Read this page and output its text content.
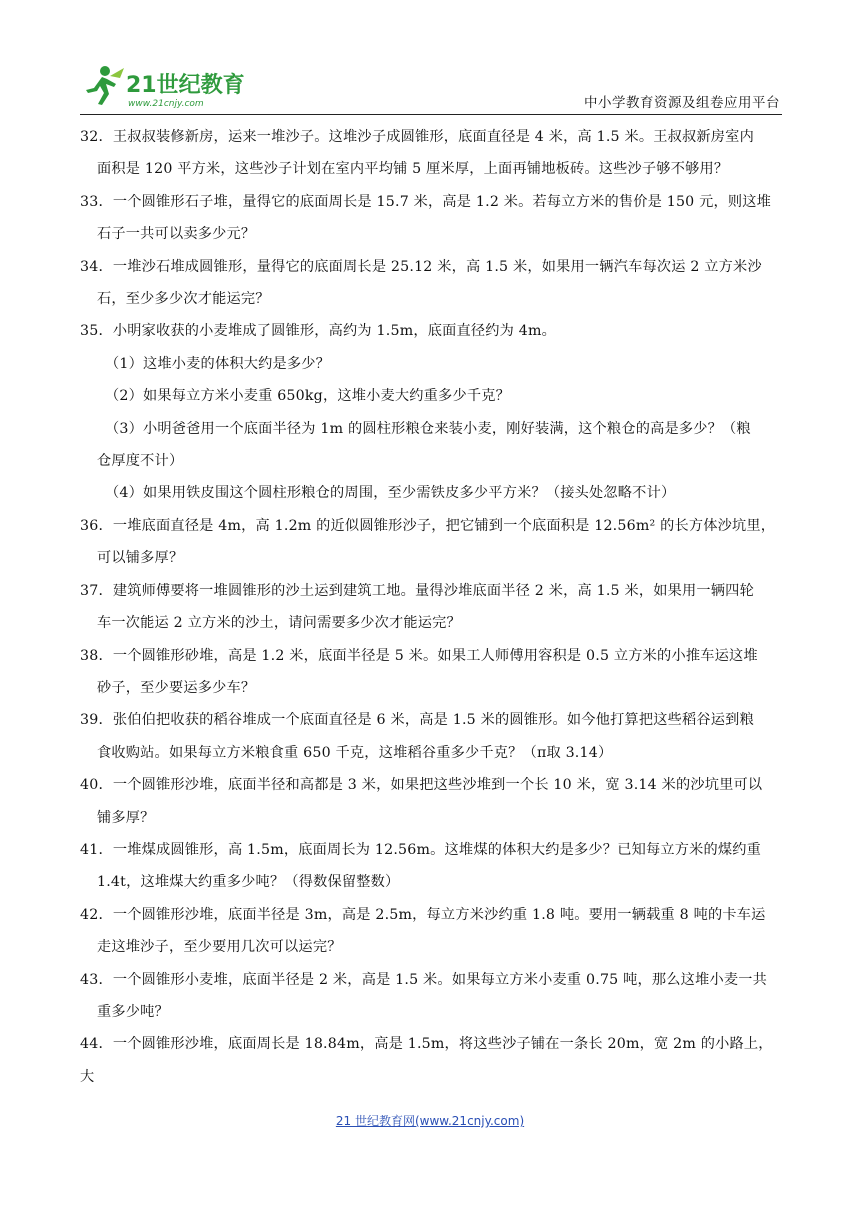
21世纪教育
www.21cnjy.com	中小学教育资源及组卷应用平台
32．王叔叔装修新房，运来一堆沙子。这堆沙子成圆锥形，底面直径是 4 米，高 1.5 米。王叔叔新房室内
面积是 120 平方米，这些沙子计划在室内平均铺 5 厘米厚，上面再铺地板砖。这些沙子够不够用？
33．一个圆锥形石子堆，量得它的底面周长是 15.7 米，高是 1.2 米。若每立方米的售价是 150 元，则这堆
石子一共可以卖多少元？
34．一堆沙石堆成圆锥形，量得它的底面周长是 25.12 米，高 1.5 米，如果用一辆汽车每次运 2 立方米沙
石，至少多少次才能运完？
35．小明家收获的小麦堆成了圆锥形，高约为 1.5m，底面直径约为 4m。
（1）这堆小麦的体积大约是多少？
（2）如果每立方米小麦重 650kg，这堆小麦大约重多少千克？
（3）小明爸爸用一个底面半径为 1m 的圆柱形粮仓来装小麦，刚好装满，这个粮仓的高是多少？（粮
仓厚度不计）
（4）如果用铁皮围这个圆柱形粮仓的周围，至少需铁皮多少平方米？（接头处忽略不计）
36．一堆底面直径是 4m，高 1.2m 的近似圆锥形沙子，把它铺到一个底面积是 12.56m² 的长方体沙坑里，
可以铺多厚？
37．建筑师傅要将一堆圆锥形的沙土运到建筑工地。量得沙堆底面半径 2 米，高 1.5 米，如果用一辆四轮
车一次能运 2 立方米的沙土，请问需要多少次才能运完？
38．一个圆锥形砂堆，高是 1.2 米，底面半径是 5 米。如果工人师傅用容积是 0.5 立方米的小推车运这堆
砂子，至少要运多少车？
39．张伯伯把收获的稻谷堆成一个底面直径是 6 米，高是 1.5 米的圆锥形。如今他打算把这些稻谷运到粮
食收购站。如果每立方米粮食重 650 千克，这堆稻谷重多少千克？（π取 3.14）
40．一个圆锥形沙堆，底面半径和高都是 3 米，如果把这些沙堆到一个长 10 米，宽 3.14 米的沙坑里可以
铺多厚？
41．一堆煤成圆锥形，高 1.5m，底面周长为 12.56m。这堆煤的体积大约是多少？已知每立方米的煤约重
1.4t，这堆煤大约重多少吨？（得数保留整数）
42．一个圆锥形沙堆，底面半径是 3m，高是 2.5m，每立方米沙约重 1.8 吨。要用一辆载重 8 吨的卡车运
走这堆沙子，至少要用几次可以运完？
43．一个圆锥形小麦堆，底面半径是 2 米，高是 1.5 米。如果每立方米小麦重 0.75 吨，那么这堆小麦一共
重多少吨？
44．一个圆锥形沙堆，底面周长是 18.84m，高是 1.5m，将这些沙子铺在一条长 20m，宽 2m 的小路上，大
21 世纪教育网(www.21cnjy.com)
